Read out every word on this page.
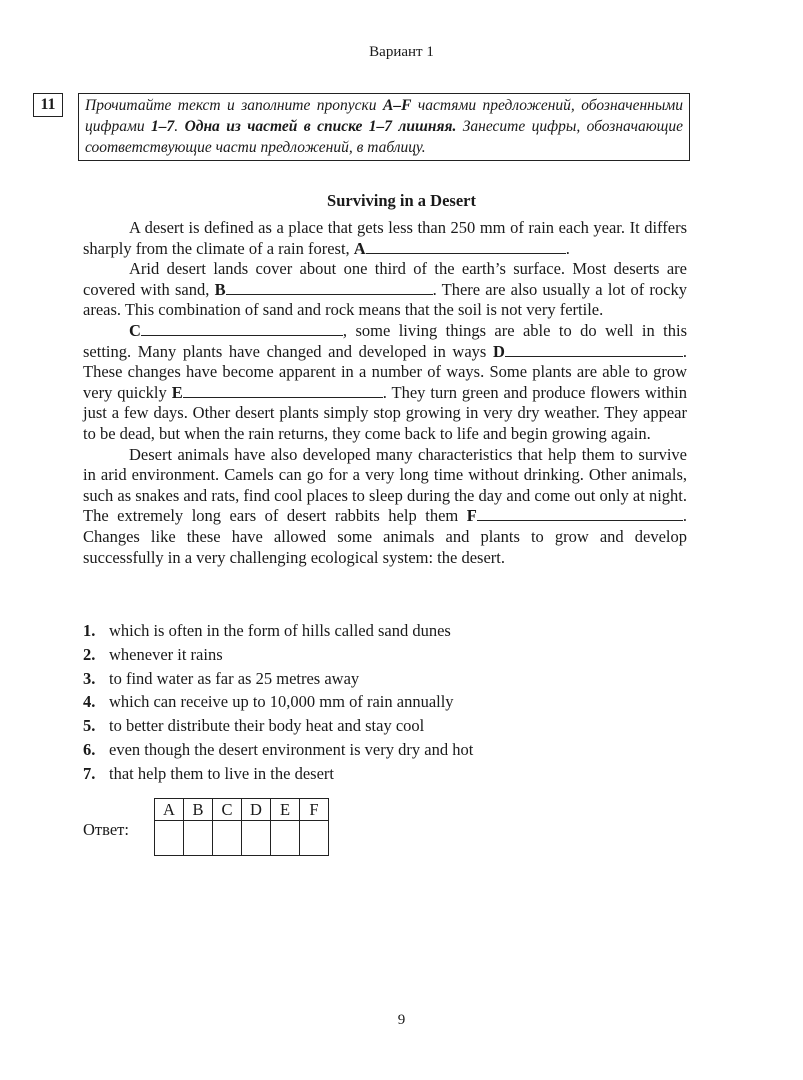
Вариант 1
11	Прочитайте текст и заполните пропуски A–F частями предложений, обозначенными цифрами 1–7. Одна из частей в списке 1–7 лишняя. Занесите цифры, обозначающие соответствующие части предложений, в таблицу.
Surviving in a Desert

A desert is defined as a place that gets less than 250 mm of rain each year. It differs sharply from the climate of a rain forest, A	.

Arid desert lands cover about one third of the earth’s surface. Most deserts are covered with sand, B	. There are also usually a lot of rocky areas. This combination of sand and rock means that the soil is not very fertile.

C	, some living things are able to do well in this setting. Many plants have changed and developed in ways D	. These changes have become apparent in a number of ways. Some plants are able to grow very quickly E	. They turn green and produce flowers within just a few days. Other desert plants simply stop growing in very dry weather. They appear to be dead, but when the rain returns, they come back to life and begin growing again.

Desert animals have also developed many characteristics that help them to survive in arid environment. Camels can go for a very long time without drinking. Other animals, such as snakes and rats, find cool places to sleep during the day and come out only at night. The extremely long ears of desert rabbits help them F	. Changes like these have allowed some animals and plants to grow and develop successfully in a very challenging ecological system: the desert.

1. which is often in the form of hills called sand dunes
2. whenever it rains
3. to find water as far as 25 metres away
4. which can receive up to 10,000 mm of rain annually
5. to better distribute their body heat and stay cool
6. even though the desert environment is very dry and hot
7. that help them to live in the desert
Ответ:
A	B	C	D	E	F

9
